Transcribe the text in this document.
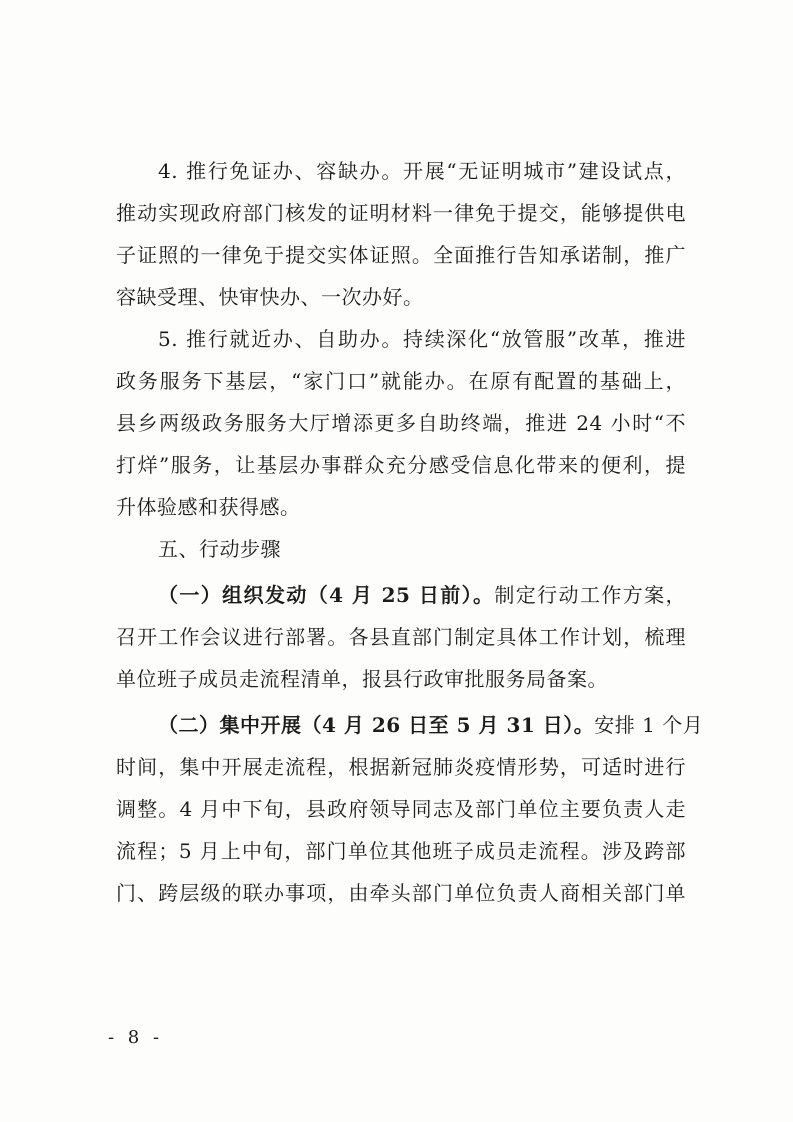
4. 推行免证办、容缺办。开展“无证明城市”建设试点，
推动实现政府部门核发的证明材料一律免于提交，能够提供电
子证照的一律免于提交实体证照。全面推行告知承诺制，推广
容缺受理、快审快办、一次办好。
5. 推行就近办、自助办。持续深化“放管服”改革，推进
政务服务下基层，“家门口”就能办。在原有配置的基础上，
县乡两级政务服务大厅增添更多自助终端，推进 24 小时“不
打烊”服务，让基层办事群众充分感受信息化带来的便利，提
升体验感和获得感。
五、行动步骤
（一）组织发动（4 月 25 日前）。制定行动工作方案，
召开工作会议进行部署。各县直部门制定具体工作计划，梳理
单位班子成员走流程清单，报县行政审批服务局备案。
（二）集中开展（4 月 26 日至 5 月 31 日）。安排 1 个月
时间，集中开展走流程，根据新冠肺炎疫情形势，可适时进行
调整。4 月中下旬，县政府领导同志及部门单位主要负责人走
流程；5 月上中旬，部门单位其他班子成员走流程。涉及跨部
门、跨层级的联办事项，由牵头部门单位负责人商相关部门单
- 8 -
